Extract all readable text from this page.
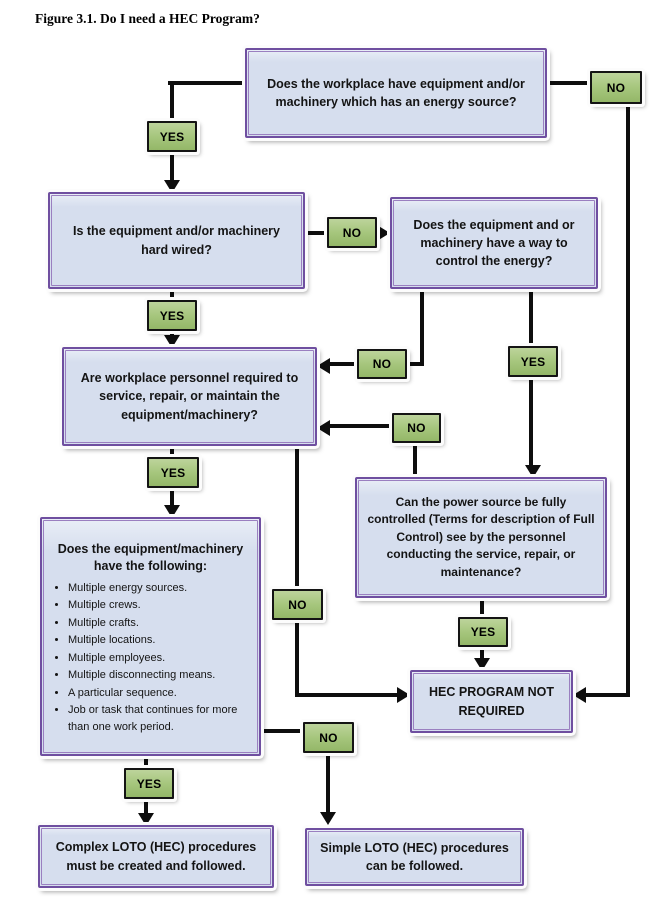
Figure 3.1. Do I need a HEC Program?
Does the workplace have equipment and/or machinery which has an energy source?
Is the equipment and/or machinery hard wired?
Does the equipment and or machinery have a way to control the energy?
Are workplace personnel required to service, repair, or maintain the equipment/machinery?
Can the power source be fully controlled (Terms for description of Full Control) see by the personnel conducting the service, repair, or maintenance?
Does the equipment/machinery have the following:
• Multiple energy sources.
• Multiple crews.
• Multiple crafts.
• Multiple locations.
• Multiple employees.
• Multiple disconnecting means.
• A particular sequence.
• Job or task that continues for more than one work period.
HEC PROGRAM NOT REQUIRED
Complex LOTO (HEC) procedures must be created and followed.
Simple LOTO (HEC) procedures can be followed.
YES
NO
NO
YES
NO	YES
NO
YES
NO
YES
NO
YES
